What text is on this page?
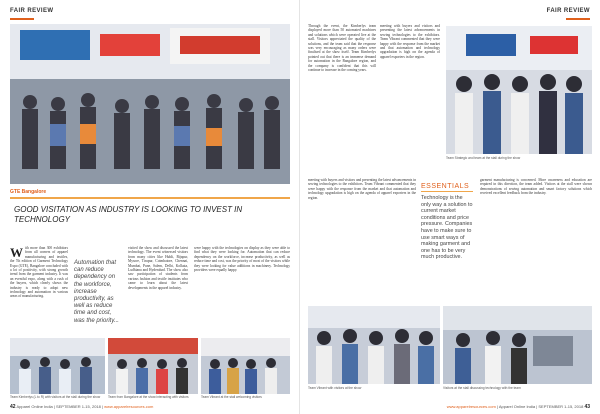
FAIR REVIEW
GTE Bangalore
GOOD VISITATION AS INDUSTRY IS LOOKING TO INVEST IN TECHNOLOGY
With more than 300 exhibitors from all corners of apparel manufacturing and textiles, the 7th edition of Garment Technology Expo (GTE), Bangalore concluded with a lot of positivity, with strong growth trend from the garment industry. It was an eventful expo, along with a rush of the buyers, which clearly shows the industry is ready to adopt new technology and automation in various areas of manufacturing.
Automation that can reduce dependency on the workforce, increase productivity, as well as reduce time and cost, was the priority...
visited the show and discussed the latest technology. The event witnessed visitors from many cities like Hubli, Bijapur, Mysore, Tirupur, Coimbatore, Chennai, Mumbai, Pune, Salem, Delhi, Kolkata, Ludhiana and Hyderabad. The show also saw participation of students from various fashion and textile institutes who came to learn about the latest developments in the apparel industry.
were happy with the technologies on display as they were able to find what they were looking for. Automation that can reduce dependency on the workforce, increase productivity, as well as reduce time and cost, was the priority of most of the visitors while they were looking for value additions in machinery. Technology providers were equally happy.
Team Kimberlys (L to R) with visitors at the stall during the show	Team from Bangalore at the show interacting with visitors	Team Vibrant at the stall welcoming visitors
42 Apparel Online India | SEPTEMBER 1-15, 2018 | www.apparelresources.com
FAIR REVIEW
Through the event, the Kimberlys team displayed more than 50 automated machines and solutions which were operated live at the stall. Visitors appreciated the quality of the solutions, and the team said that the response was very encouraging as many orders were finalised at the show itself. Team Kimberlys pointed out that there is an immense demand for automation in the Bangalore region, and the company is confident that this will continue to increase in the coming years.
meeting with buyers and visitors and presenting the latest advancements in sewing technologies to the exhibitors. Team Vibrant commented that they were happy with the response from the market and that automation and technology upgradation is high on the agenda of apparel exporters in the region.
Team Strategic and team at the stall during the show
meeting with buyers and visitors and presenting the latest advancements in sewing technologies to the exhibitors. Team Vibrant commented that they were happy with the response from the market and that automation and technology upgradation is high on the agenda of apparel exporters in the region.
ESSENTIALS
Technology is the only way a solution to current market conditions and price pressure. Companies have to make sure to use smart ways of making garment and one has to be very much productive.
garment manufacturing is concerned. More awareness and education are required in this direction, the team added. Visitors at the stall were shown demonstrations of sewing automation and smart factory solutions which received excellent feedback from the industry.
Team Vibrant with visitors at the show	Visitors at the stall discussing technology with the team
www.apparelresources.com | Apparel Online India | SEPTEMBER 1-15, 2018 43
